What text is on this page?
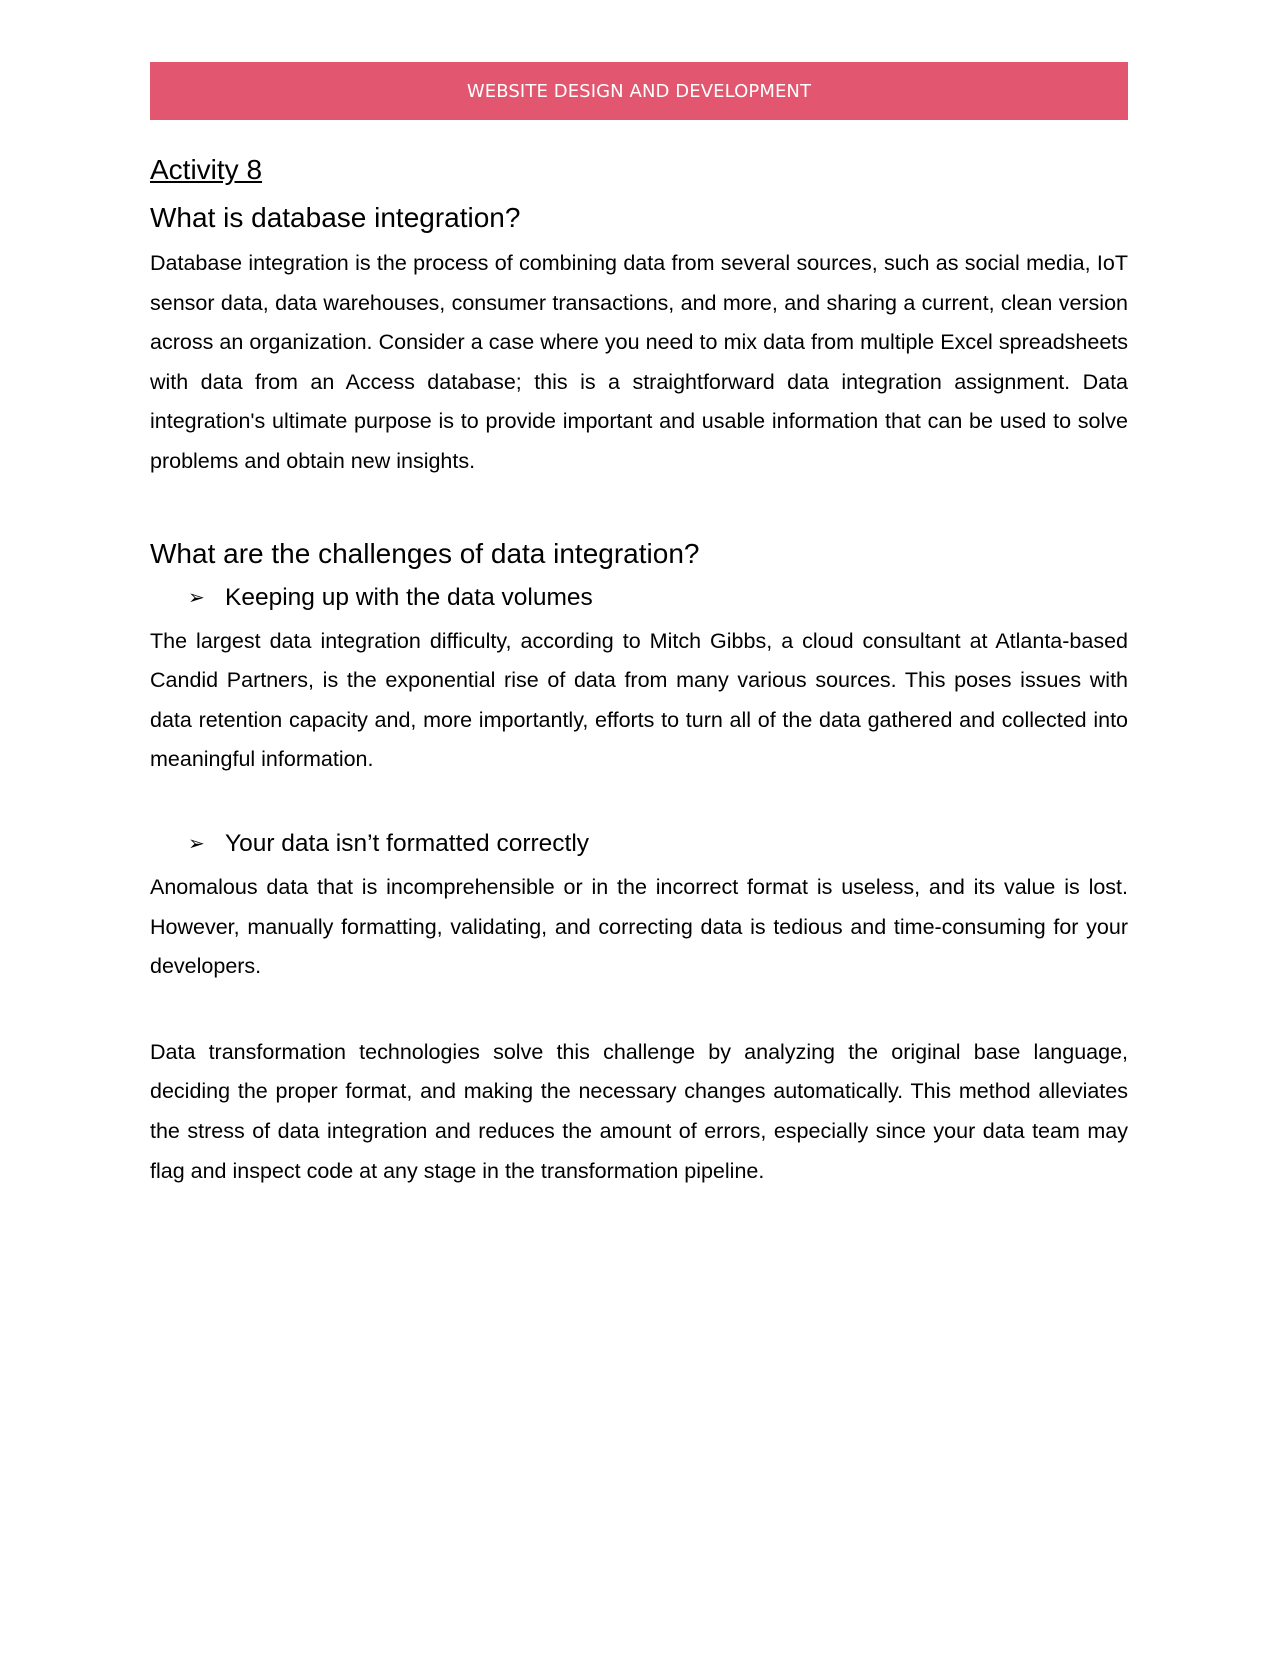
WEBSITE DESIGN AND DEVELOPMENT
Activity 8
What is database integration?

Database integration is the process of combining data from several sources, such as social media, IoT sensor data, data warehouses, consumer transactions, and more, and sharing a current, clean version across an organization. Consider a case where you need to mix data from multiple Excel spreadsheets with data from an Access database; this is a straightforward data integration assignment. Data integration's ultimate purpose is to provide important and usable information that can be used to solve problems and obtain new insights.

What are the challenges of data integration?
➢ Keeping up with the data volumes

The largest data integration difficulty, according to Mitch Gibbs, a cloud consultant at Atlanta-based Candid Partners, is the exponential rise of data from many various sources. This poses issues with data retention capacity and, more importantly, efforts to turn all of the data gathered and collected into meaningful information.

➢ Your data isn’t formatted correctly

Anomalous data that is incomprehensible or in the incorrect format is useless, and its value is lost. However, manually formatting, validating, and correcting data is tedious and time-consuming for your developers.

Data transformation technologies solve this challenge by analyzing the original base language, deciding the proper format, and making the necessary changes automatically. This method alleviates the stress of data integration and reduces the amount of errors, especially since your data team may flag and inspect code at any stage in the transformation pipeline.
